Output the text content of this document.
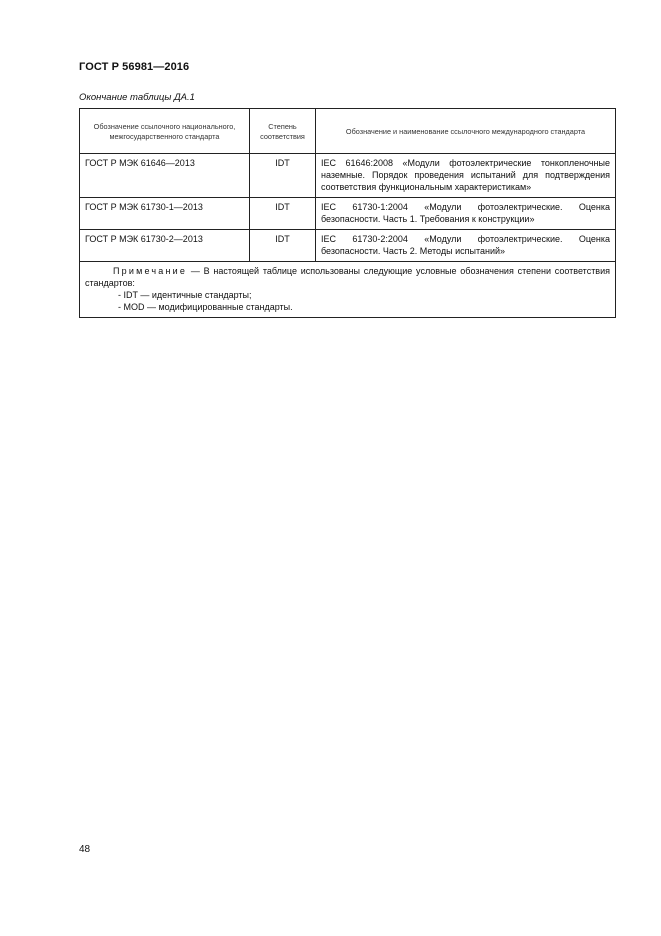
ГОСТ Р 56981—2016
Окончание таблицы ДА.1
Обозначение ссылочного национального, межгосударственного стандарта	Степень соответствия	Обозначение и наименование ссылочного международного стандарта
ГОСТ Р МЭК 61646—2013	IDT	IEC 61646:2008 «Модули фотоэлектрические тонкопленочные наземные. Порядок проведения испытаний для подтверждения соответствия функциональным характеристикам»
ГОСТ Р МЭК 61730-1—2013	IDT	IEC 61730-1:2004 «Модули фотоэлектрические. Оценка безопасности. Часть 1. Требования к конструкции»
ГОСТ Р МЭК 61730-2—2013	IDT	IEC 61730-2:2004 «Модули фотоэлектрические. Оценка безопасности. Часть 2. Методы испытаний»

Примечание — В настоящей таблице использованы следующие условные обозначения степени соответствия стандартов:
- IDT — идентичные стандарты;
- MOD — модифицированные стандарты.		
48
